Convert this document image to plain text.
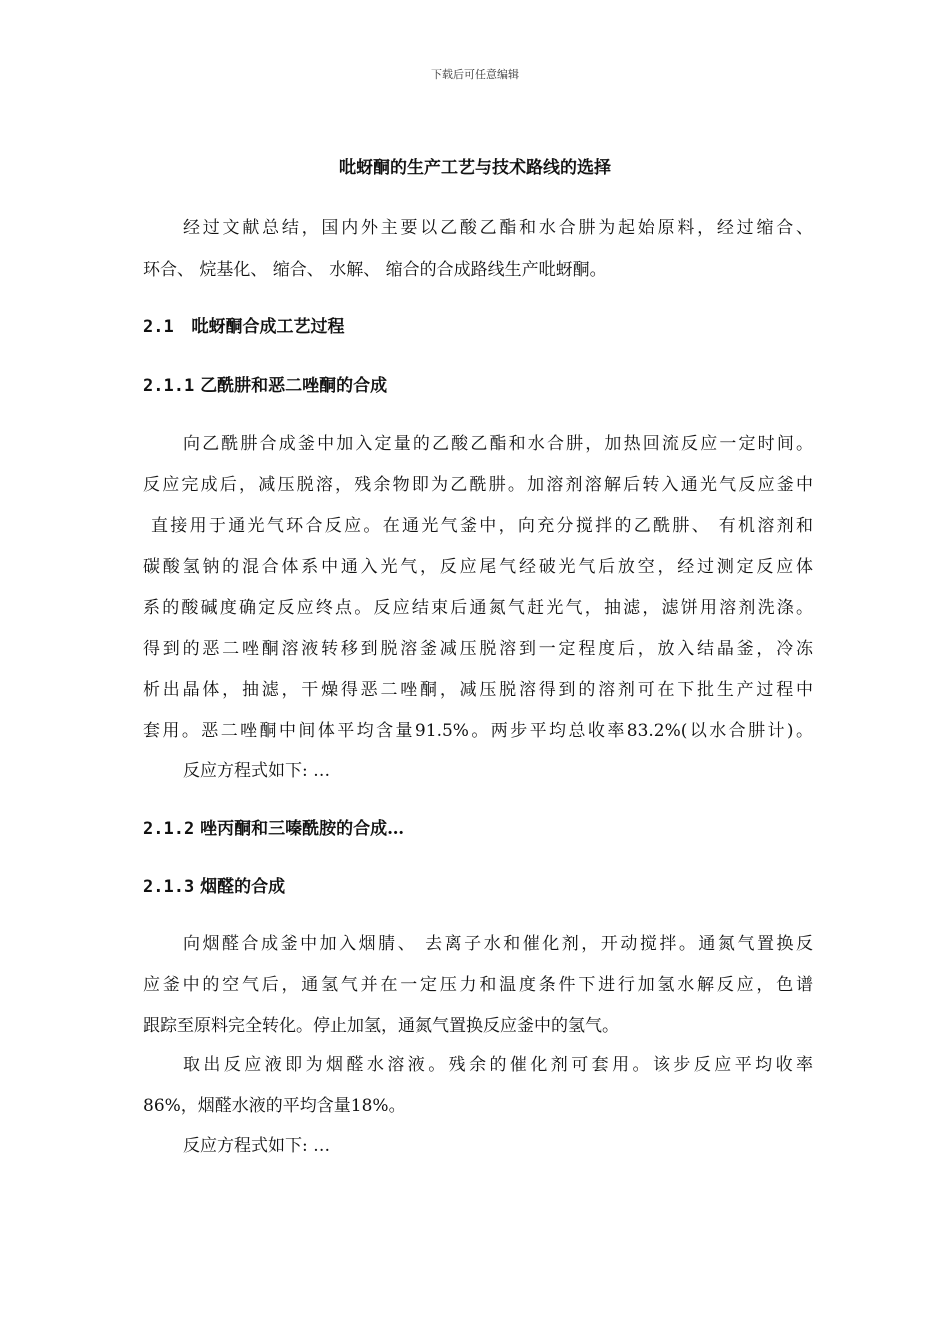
下载后可任意编辑
吡蚜酮的生产工艺与技术路线的选择
经过文献总结，国内外主要以乙酸乙酯和水合肼为起始原料，经过缩合、
环合、 烷基化、 缩合、 水解、 缩合的合成路线生产吡蚜酮。
2.1 吡蚜酮合成工艺过程
2.1.1 乙酰肼和恶二唑酮的合成
向乙酰肼合成釜中加入定量的乙酸乙酯和水合肼，加热回流反应一定时间。
反应完成后，减压脱溶，残余物即为乙酰肼。加溶剂溶解后转入通光气反应釜中
直接用于通光气环合反应。在通光气釜中，向充分搅拌的乙酰肼、 有机溶剂和
碳酸氢钠的混合体系中通入光气，反应尾气经破光气后放空，经过测定反应体
系的酸碱度确定反应终点。反应结束后通氮气赶光气，抽滤，滤饼用溶剂洗涤。
得到的恶二唑酮溶液转移到脱溶釜减压脱溶到一定程度后，放入结晶釜，冷冻
析出晶体，抽滤，干燥得恶二唑酮，减压脱溶得到的溶剂可在下批生产过程中
套用。恶二唑酮中间体平均含量91.5%。两步平均总收率83.2%(以水合肼计)。
反应方程式如下: …
2.1.2 唑丙酮和三嗪酰胺的合成…
2.1.3 烟醛的合成
向烟醛合成釜中加入烟腈、 去离子水和催化剂，开动搅拌。通氮气置换反
应釜中的空气后，通氢气并在一定压力和温度条件下进行加氢水解反应，色谱
跟踪至原料完全转化。停止加氢，通氮气置换反应釜中的氢气。
取出反应液即为烟醛水溶液。残余的催化剂可套用。该步反应平均收率
86%，烟醛水液的平均含量18%。
反应方程式如下: …
